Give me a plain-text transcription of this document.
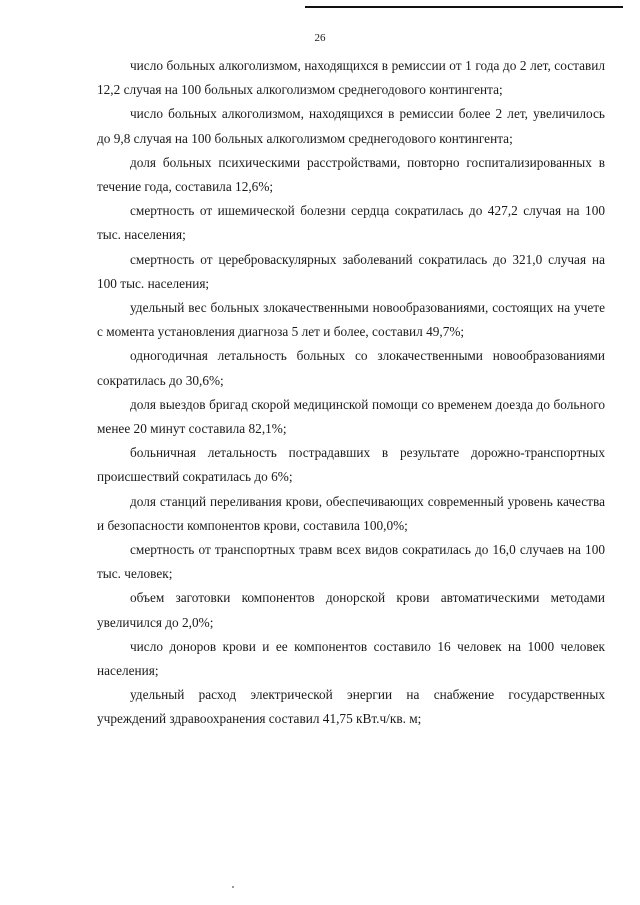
26

число больных алкоголизмом, находящихся в ремиссии от 1 года до 2 лет, составил 12,2 случая на 100 больных алкоголизмом среднегодового контингента;

число больных алкоголизмом, находящихся в ремиссии более 2 лет, увеличилось до 9,8 случая на 100 больных алкоголизмом среднегодового контингента;

доля больных психическими расстройствами, повторно госпитализированных в течение года, составила 12,6%;

смертность от ишемической болезни сердца сократилась до 427,2 случая на 100 тыс. населения;

смертность от цереброваскулярных заболеваний сократилась до 321,0 случая на 100 тыс. населения;

удельный вес больных злокачественными новообразованиями, состоящих на учете с момента установления диагноза 5 лет и более, составил 49,7%;

одногодичная летальность больных со злокачественными новообразованиями сократилась до 30,6%;

доля выездов бригад скорой медицинской помощи со временем доезда до больного менее 20 минут составила 82,1%;

больничная летальность пострадавших в результате дорожно-транспортных происшествий сократилась до 6%;

доля станций переливания крови, обеспечивающих современный уровень качества и безопасности компонентов крови, составила 100,0%;

смертность от транспортных травм всех видов сократилась до 16,0 случаев на 100 тыс. человек;

объем заготовки компонентов донорской крови автоматическими методами увеличился до 2,0%;

число доноров крови и ее компонентов составило 16 человек на 1000 человек населения;

удельный расход электрической энергии на снабжение государственных учреждений здравоохранения составил 41,75 кВт.ч/кв. м;
